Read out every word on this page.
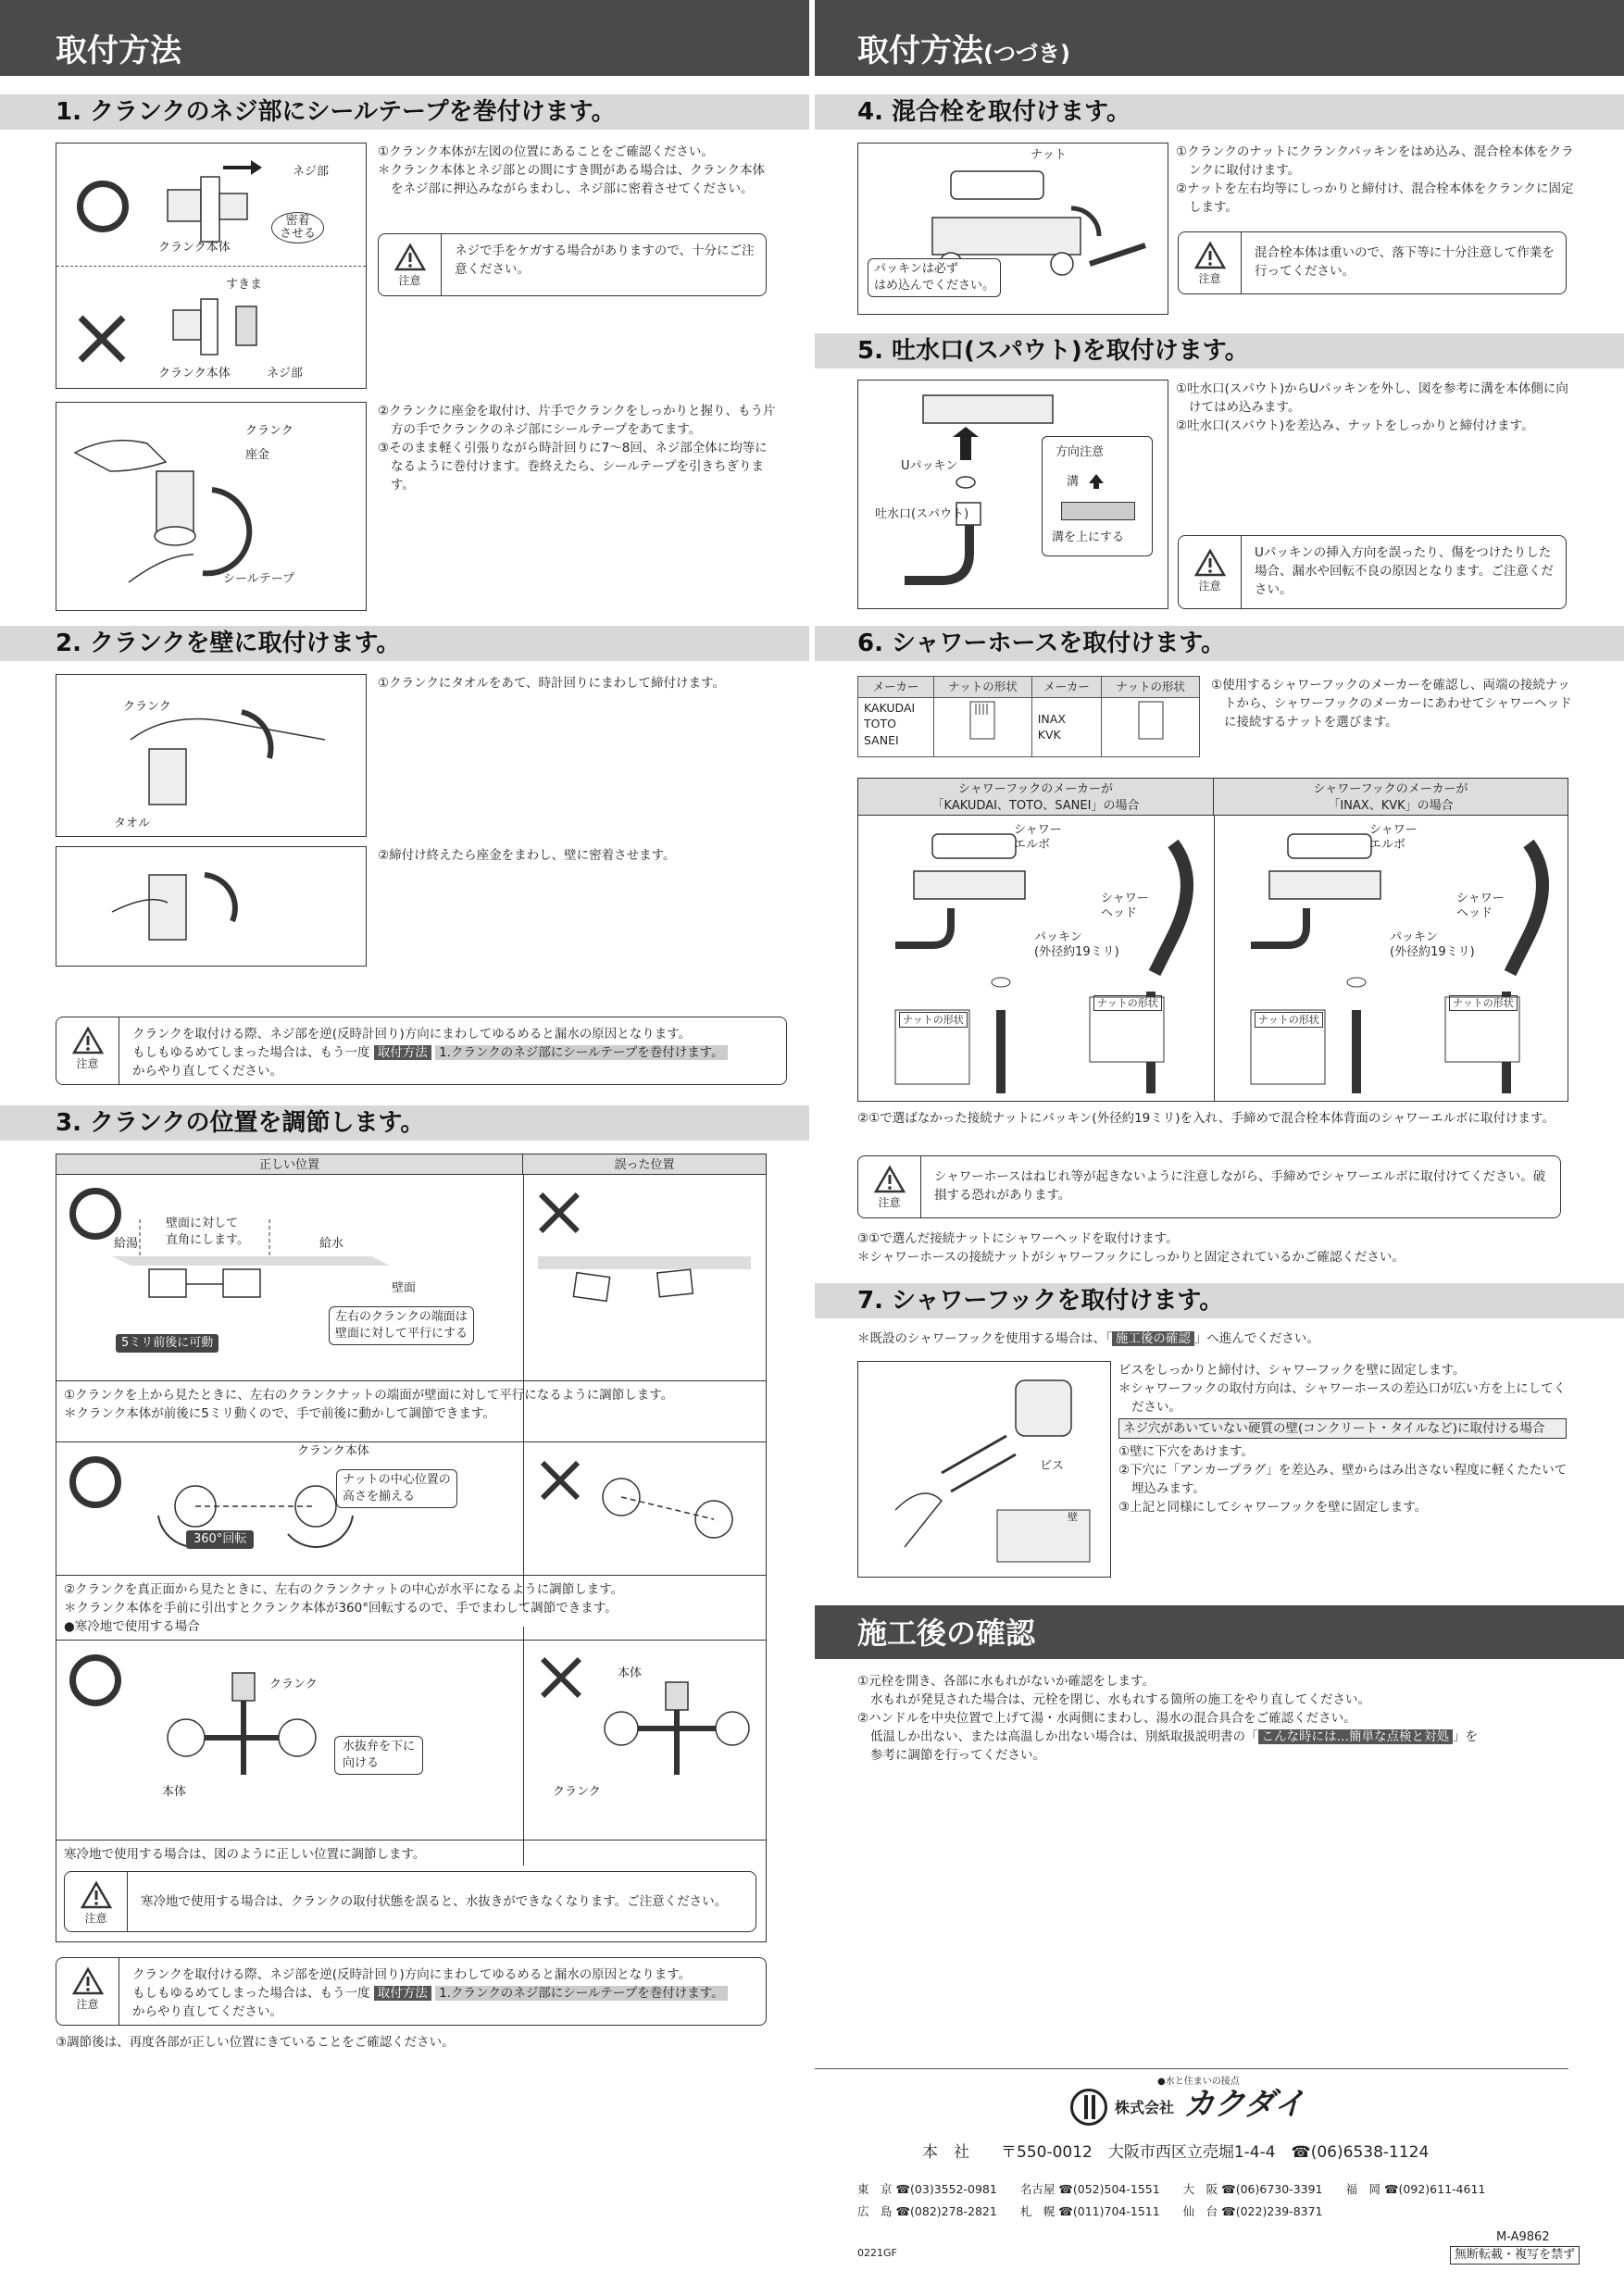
取付方法	取付方法(つづき)
1. クランクのネジ部にシールテープを巻付けます。
ネジ部
密着
させる
クランク本体
すきま
クランク本体	ネジ部
①クランク本体が左図の位置にあることをご確認ください。
＊クランク本体とネジ部との間にすき間がある場合は、クランク本体をネジ部に押込みながらまわし、ネジ部に密着させてください。
注意
ネジで手をケガする場合がありますので、十分にご注意ください。
クランク
座金
シールテープ
②クランクに座金を取付け、片手でクランクをしっかりと握り、もう片方の手でクランクのネジ部にシールテープをあてます。
③そのまま軽く引張りながら時計回りに7〜8回、ネジ部全体に均等になるように巻付けます。巻終えたら、シールテープを引きちぎります。
2. クランクを壁に取付けます。
クランク
タオル
①クランクにタオルをあて、時計回りにまわして締付けます。
②締付け終えたら座金をまわし、壁に密着させます。
注意
クランクを取付ける際、ネジ部を逆(反時計回り)方向にまわしてゆるめると漏水の原因となります。
もしもゆるめてしまった場合は、もう一度 取付方法 1.クランクのネジ部にシールテープを巻付けます。
からやり直してください。
3. クランクの位置を調節します。
正しい位置	誤った位置
壁面に対して
直角にします。
給湯	給水
壁面
5ミリ前後に可動
左右のクランクの端面は
壁面に対して平行にする
①クランクを上から見たときに、左右のクランクナットの端面が壁面に対して平行になるように調節します。
＊クランク本体が前後に5ミリ動くので、手で前後に動かして調節できます。
クランク本体
ナットの中心位置の
高さを揃える
360°回転
②クランクを真正面から見たときに、左右のクランクナットの中心が水平になるように調節します。
＊クランク本体を手前に引出すとクランク本体が360°回転するので、手でまわして調節できます。
●寒冷地で使用する場合
クランク
本体
水抜弁を下に
向ける
本体
クランク
寒冷地で使用する場合は、図のように正しい位置に調節します。
注意
寒冷地で使用する場合は、クランクの取付状態を誤ると、水抜きができなくなります。ご注意ください。
注意
クランクを取付ける際、ネジ部を逆(反時計回り)方向にまわしてゆるめると漏水の原因となります。
もしもゆるめてしまった場合は、もう一度 取付方法 1.クランクのネジ部にシールテープを巻付けます。
からやり直してください。
③調節後は、再度各部が正しい位置にきていることをご確認ください。
4. 混合栓を取付けます。
ナット
パッキンは必ず
はめ込んでください。
①クランクのナットにクランクパッキンをはめ込み、混合栓本体をクランクに取付けます。
②ナットを左右均等にしっかりと締付け、混合栓本体をクランクに固定します。
注意
混合栓本体は重いので、落下等に十分注意して作業を行ってください。
5. 吐水口(スパウト)を取付けます。
Uパッキン
吐水口(スパウト)
方向注意
溝
溝を上にする
①吐水口(スパウト)からUパッキンを外し、図を参考に溝を本体側に向けてはめ込みます。
②吐水口(スパウト)を差込み、ナットをしっかりと締付けます。
注意
Uパッキンの挿入方向を誤ったり、傷をつけたりした場合、漏水や回転不良の原因となります。ご注意ください。
6. シャワーホースを取付けます。
メーカー	ナットの形状	メーカー	ナットの形状
KAKUDAI
TOTO
SANEI		INAX
KVK	
①使用するシャワーフックのメーカーを確認し、両端の接続ナットから、シャワーフックのメーカーにあわせてシャワーヘッドに接続するナットを選びます。
シャワーフックのメーカーが
「KAKUDAI、TOTO、SANEI」の場合
シャワーフックのメーカーが
「INAX、KVK」の場合
シャワー
エルボ
シャワー
ヘッド
パッキン
(外径約19ミリ)
ナットの形状
ナットの形状
シャワー
エルボ
シャワー
ヘッド
パッキン
(外径約19ミリ)
ナットの形状
ナットの形状
②①で選ばなかった接続ナットにパッキン(外径約19ミリ)を入れ、手締めで混合栓本体背面のシャワーエルボに取付けます。
注意
シャワーホースはねじれ等が起きないように注意しながら、手締めでシャワーエルボに取付けてください。破損する恐れがあります。
③①で選んだ接続ナットにシャワーヘッドを取付けます。
＊シャワーホースの接続ナットがシャワーフックにしっかりと固定されているかご確認ください。
7. シャワーフックを取付けます。
＊既設のシャワーフックを使用する場合は、「 施工後の確認 」へ進んでください。
ビス
壁
ビスをしっかりと締付け、シャワーフックを壁に固定します。
＊シャワーフックの取付方向は、シャワーホースの差込口が広い方を上にしてください。
ネジ穴があいていない硬質の壁(コンクリート・タイルなど)に取付ける場合
①壁に下穴をあけます。
②下穴に「アンカープラグ」を差込み、壁からはみ出さない程度に軽くたたいて埋込みます。
③上記と同様にしてシャワーフックを壁に固定します。
施工後の確認
①元栓を開き、各部に水もれがないか確認をします。
水もれが発見された場合は、元栓を閉じ、水もれする箇所の施工をやり直してください。
②ハンドルを中央位置で上げて湯・水両側にまわし、湯水の混合具合をご確認ください。
低温しか出ない、または高温しか出ない場合は、別紙取扱説明書の「 こんな時には…簡単な点検と対処 」を
参考に調節を行ってください。
●水と住まいの接点
株式会社 カクダイ
本　社　　〒550-0012　大阪市西区立売堀1-4-4　☎(06)6538-1124
東　京 ☎(03)3552-0981　　名古屋 ☎(052)504-1551　　大　阪 ☎(06)6730-3391　　福　岡 ☎(092)611-4611
広　島 ☎(082)278-2821　　札　幌 ☎(011)704-1511　　仙　台 ☎(022)239-8371
M-A9862
0221GF	無断転載・複写を禁ず
